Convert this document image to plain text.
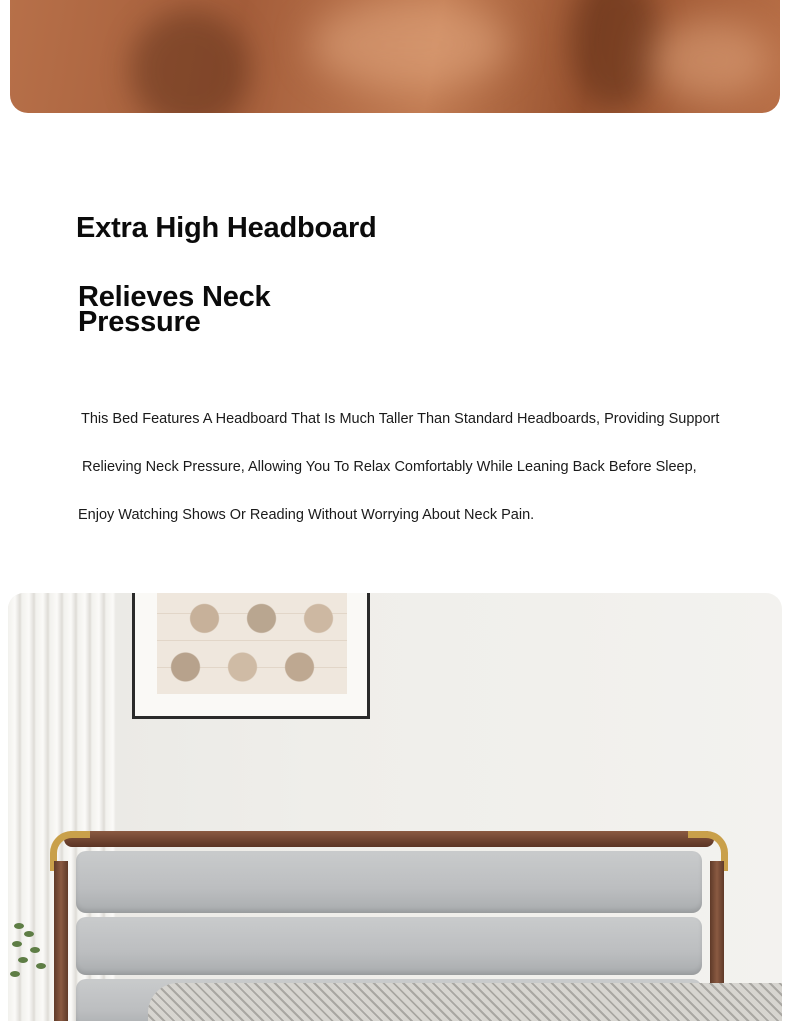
Extra High Headboard
Relieves Neck Pressure

This Bed Features A Headboard That Is Much Taller Than Standard Headboards, Providing Support

Relieving Neck Pressure, Allowing You To Relax Comfortably While Leaning Back Before Sleep,

Enjoy Watching Shows Or Reading Without Worrying About Neck Pain.
